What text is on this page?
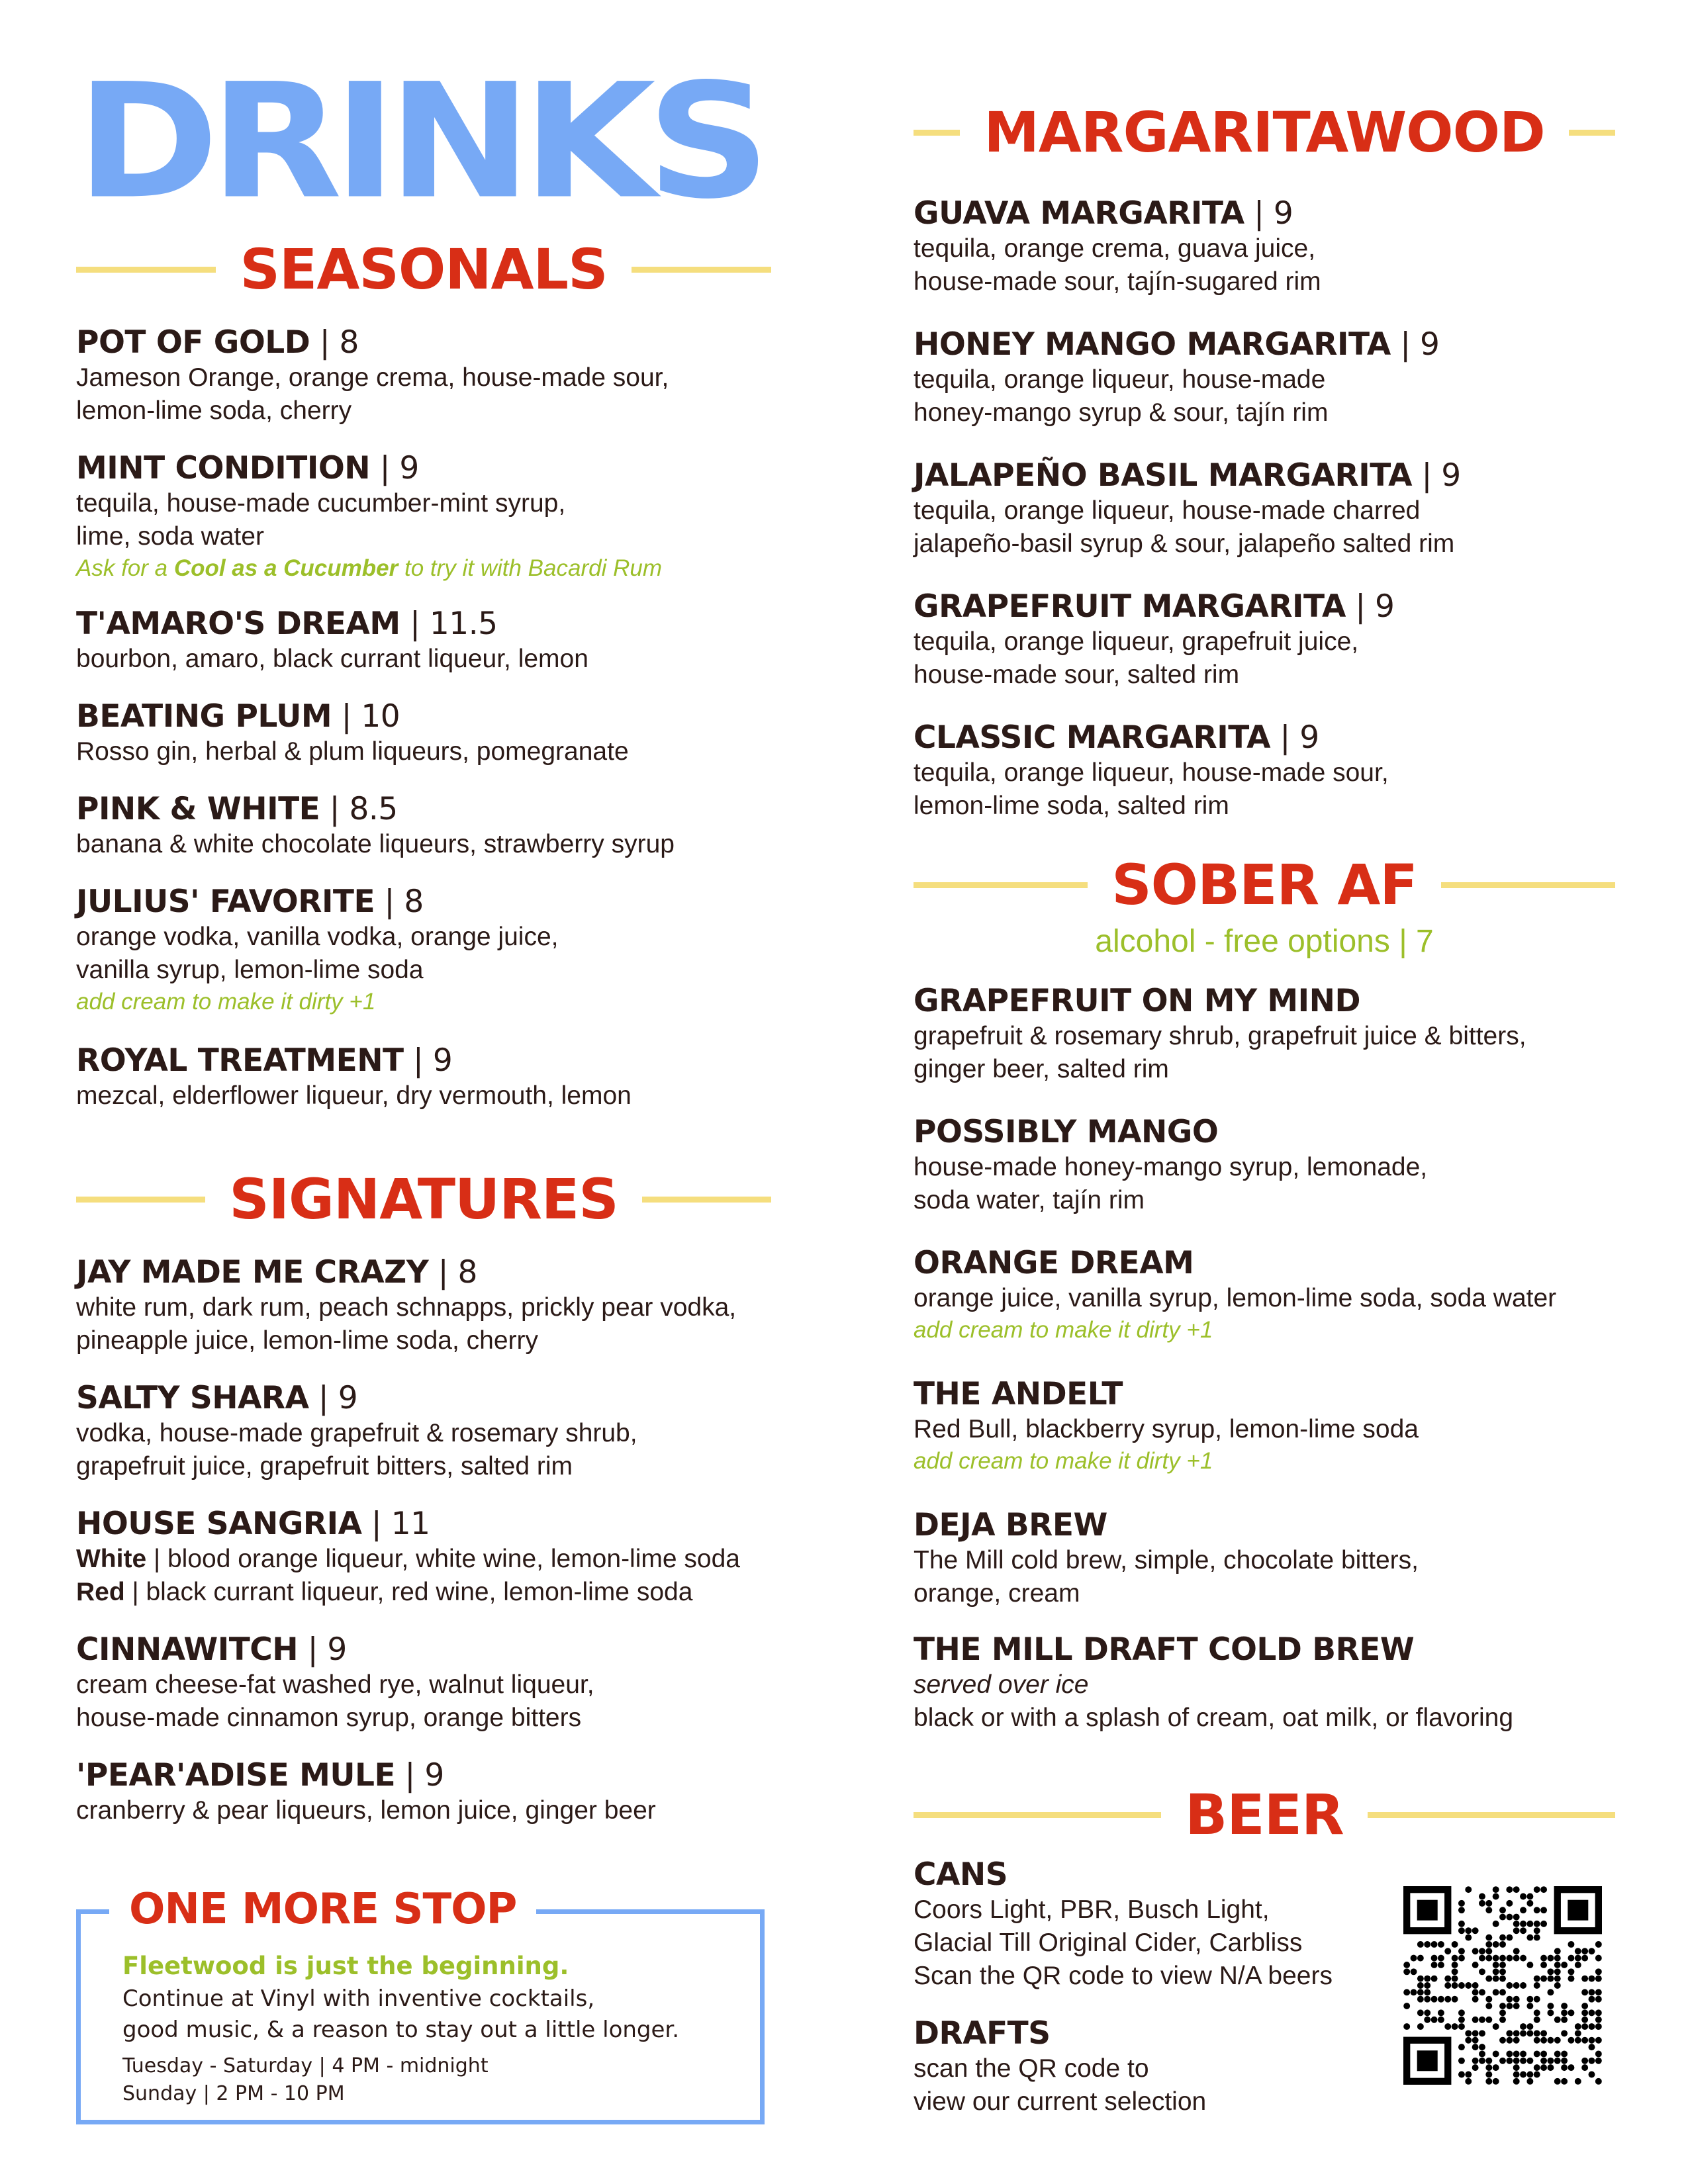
DRINKS
SEASONALS
POT OF GOLD | 8
Jameson Orange, orange crema, house-made sour,
lemon-lime soda, cherry
MINT CONDITION | 9
tequila, house-made cucumber-mint syrup,
lime, soda water
Ask for a Cool as a Cucumber to try it with Bacardi Rum
T'AMARO'S DREAM | 11.5
bourbon, amaro, black currant liqueur, lemon
BEATING PLUM | 10
Rosso gin, herbal & plum liqueurs, pomegranate
PINK & WHITE | 8.5
banana & white chocolate liqueurs, strawberry syrup
JULIUS' FAVORITE | 8
orange vodka, vanilla vodka, orange juice,
vanilla syrup, lemon-lime soda
add cream to make it dirty +1
ROYAL TREATMENT | 9
mezcal, elderflower liqueur, dry vermouth, lemon
SIGNATURES
JAY MADE ME CRAZY | 8
white rum, dark rum, peach schnapps, prickly pear vodka,
pineapple juice, lemon-lime soda, cherry
SALTY SHARA | 9
vodka, house-made grapefruit & rosemary shrub,
grapefruit juice, grapefruit bitters, salted rim
HOUSE SANGRIA | 11
White | blood orange liqueur, white wine, lemon-lime soda
Red | black currant liqueur, red wine, lemon-lime soda
CINNAWITCH | 9
cream cheese-fat washed rye, walnut liqueur,
house-made cinnamon syrup, orange bitters
'PEAR'ADISE MULE | 9
cranberry & pear liqueurs, lemon juice, ginger beer
ONE MORE STOP
Fleetwood is just the beginning.
Continue at Vinyl with inventive cocktails,
good music, & a reason to stay out a little longer.
Tuesday - Saturday | 4 PM - midnight
Sunday | 2 PM - 10 PM
MARGARITAWOOD
GUAVA MARGARITA | 9
tequila, orange crema, guava juice,
house-made sour, tajín-sugared rim
HONEY MANGO MARGARITA | 9
tequila, orange liqueur, house-made
honey-mango syrup & sour, tajín rim
JALAPEÑO BASIL MARGARITA | 9
tequila, orange liqueur, house-made charred
jalapeño-basil syrup & sour, jalapeño salted rim
GRAPEFRUIT MARGARITA | 9
tequila, orange liqueur, grapefruit juice,
house-made sour, salted rim
CLASSIC MARGARITA | 9
tequila, orange liqueur, house-made sour,
lemon-lime soda, salted rim
SOBER AF
alcohol - free options | 7
GRAPEFRUIT ON MY MIND
grapefruit & rosemary shrub, grapefruit juice & bitters,
ginger beer, salted rim
POSSIBLY MANGO
house-made honey-mango syrup, lemonade,
soda water, tajín rim
ORANGE DREAM
orange juice, vanilla syrup, lemon-lime soda, soda water
add cream to make it dirty +1
THE ANDELT
Red Bull, blackberry syrup, lemon-lime soda
add cream to make it dirty +1
DEJA BREW
The Mill cold brew, simple, chocolate bitters,
orange, cream
THE MILL DRAFT COLD BREW
served over ice
black or with a splash of cream, oat milk, or flavoring
BEER
CANS
Coors Light, PBR, Busch Light,
Glacial Till Original Cider, Carbliss
Scan the QR code to view N/A beers
DRAFTS
scan the QR code to
view our current selection
